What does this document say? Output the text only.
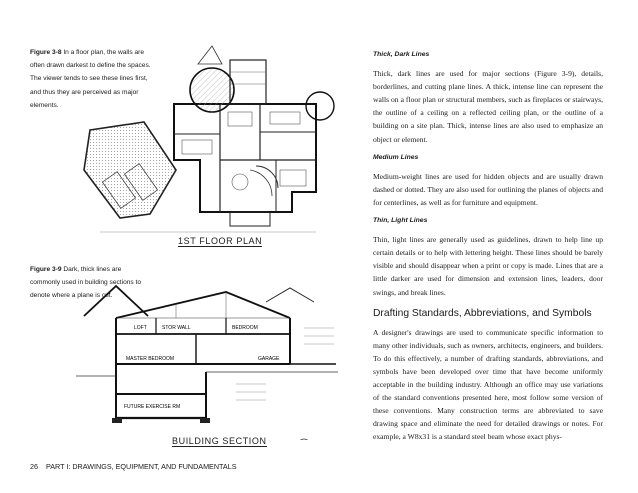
Figure 3-8 In a floor plan, the walls are often drawn darkest to define the spaces. The viewer tends to see these lines first, and thus they are perceived as major elements.
1ST FLOOR PLAN
Figure 3-9 Dark, thick lines are commonly used in building sections to denote where a plane is cut.
LOFT	STOR WALL	BEDROOM
MASTER BEDROOM	GARAGE
FUTURE EXERCISE RM
BUILDING SECTION
Thick, Dark Lines

Thick, dark lines are used for major sections (Figure 3-9), details, borderlines, and cutting plane lines. A thick, intense line can represent the walls on a floor plan or structural members, such as fireplaces or stairways, the outline of a ceiling on a reflected ceiling plan, or the outline of a building on a site plan. Thick, intense lines are also used to emphasize an object or element.

Medium Lines

Medium-weight lines are used for hidden objects and are usually drawn dashed or dotted. They are also used for outlining the planes of objects and for centerlines, as well as for furniture and equipment.

Thin, Light Lines

Thin, light lines are generally used as guidelines, drawn to help line up certain details or to help with lettering height. These lines should be barely visible and should disappear when a print or copy is made. Lines that are a little darker are used for dimension and extension lines, leaders, door swings, and break lines.

Drafting Standards, Abbreviations, and Symbols

A designer's drawings are used to communicate specific information to many other individuals, such as owners, architects, engineers, and builders. To do this effectively, a number of drafting standards, abbreviations, and symbols have been developed over time that have become uniformly acceptable in the building industry. Although an office may use variations of the standard conventions presented here, most follow some version of these conventions. Many construction terms are abbreviated to save drawing space and eliminate the need for detailed drawings or notes. For example, a W8x31 is a standard steel beam whose exact phys-

26 PART I: DRAWINGS, EQUIPMENT, AND FUNDAMENTALS
